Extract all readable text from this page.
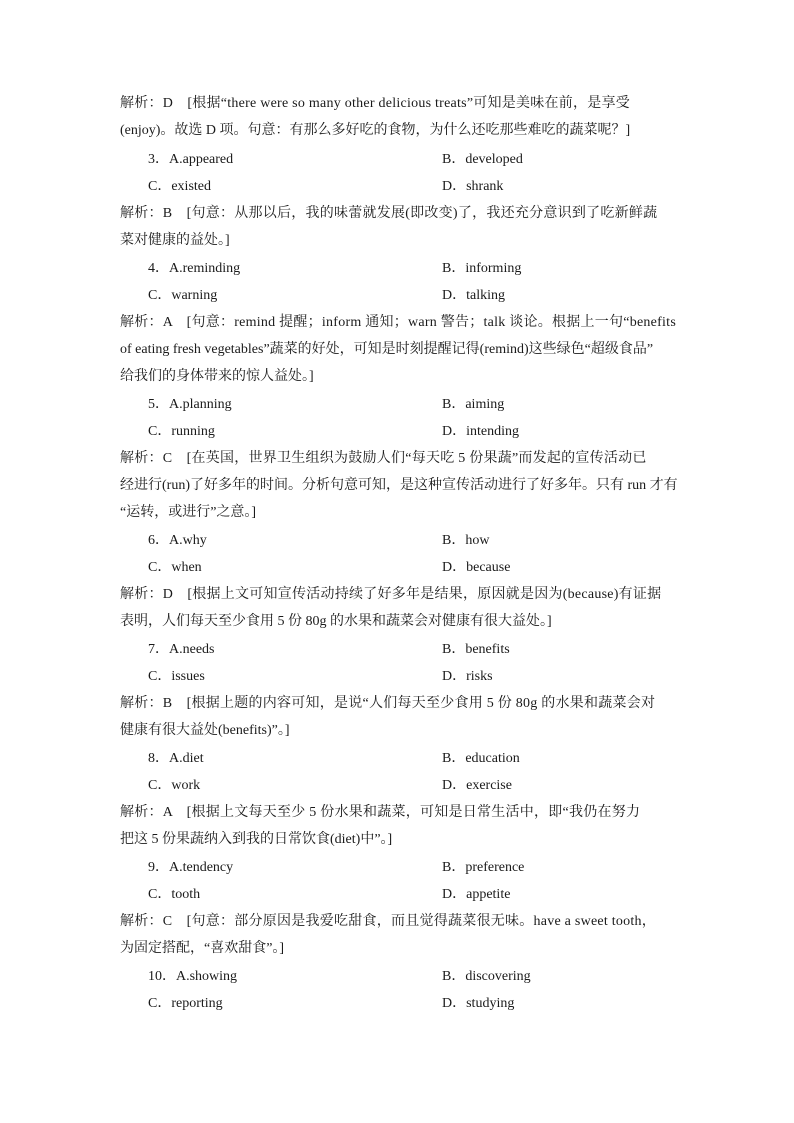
解析：D　[根据“there were so many other delicious treats”可知是美味在前，是享受
(enjoy)。故选 D 项。句意：有那么多好吃的食物，为什么还吃那些难吃的蔬菜呢？]
3．A.appeared	B．developed
C．existed	D．shrank
解析：B　[句意：从那以后，我的味蕾就发展(即改变)了，我还充分意识到了吃新鲜蔬
菜对健康的益处。]
4．A.reminding	B．informing
C．warning	D．talking
解析：A　[句意：remind 提醒；inform 通知；warn 警告；talk 谈论。根据上一句“benefits
of eating fresh vegetables”蔬菜的好处，可知是时刻提醒记得(remind)这些绿色“超级食品”
给我们的身体带来的惊人益处。]
5．A.planning	B．aiming
C．running	D．intending
解析：C　[在英国，世界卫生组织为鼓励人们“每天吃 5 份果蔬”而发起的宣传活动已
经进行(run)了好多年的时间。分析句意可知，是这种宣传活动进行了好多年。只有 run 才有
“运转，或进行”之意。]
6．A.why	B．how
C．when	D．because
解析：D　[根据上文可知宣传活动持续了好多年是结果，原因就是因为(because)有证据
表明，人们每天至少食用 5 份 80g 的水果和蔬菜会对健康有很大益处。]
7．A.needs	B．benefits
C．issues	D．risks
解析：B　[根据上题的内容可知，是说“人们每天至少食用 5 份 80g 的水果和蔬菜会对
健康有很大益处(benefits)”。]
8．A.diet	B．education
C．work	D．exercise
解析：A　[根据上文每天至少 5 份水果和蔬菜，可知是日常生活中，即“我仍在努力
把这 5 份果蔬纳入到我的日常饮食(diet)中”。]
9．A.tendency	B．preference
C．tooth	D．appetite
解析：C　[句意：部分原因是我爱吃甜食，而且觉得蔬菜很无味。have a sweet tooth，
为固定搭配，“喜欢甜食”。]
10．A.showing	B．discovering
C．reporting	D．studying
